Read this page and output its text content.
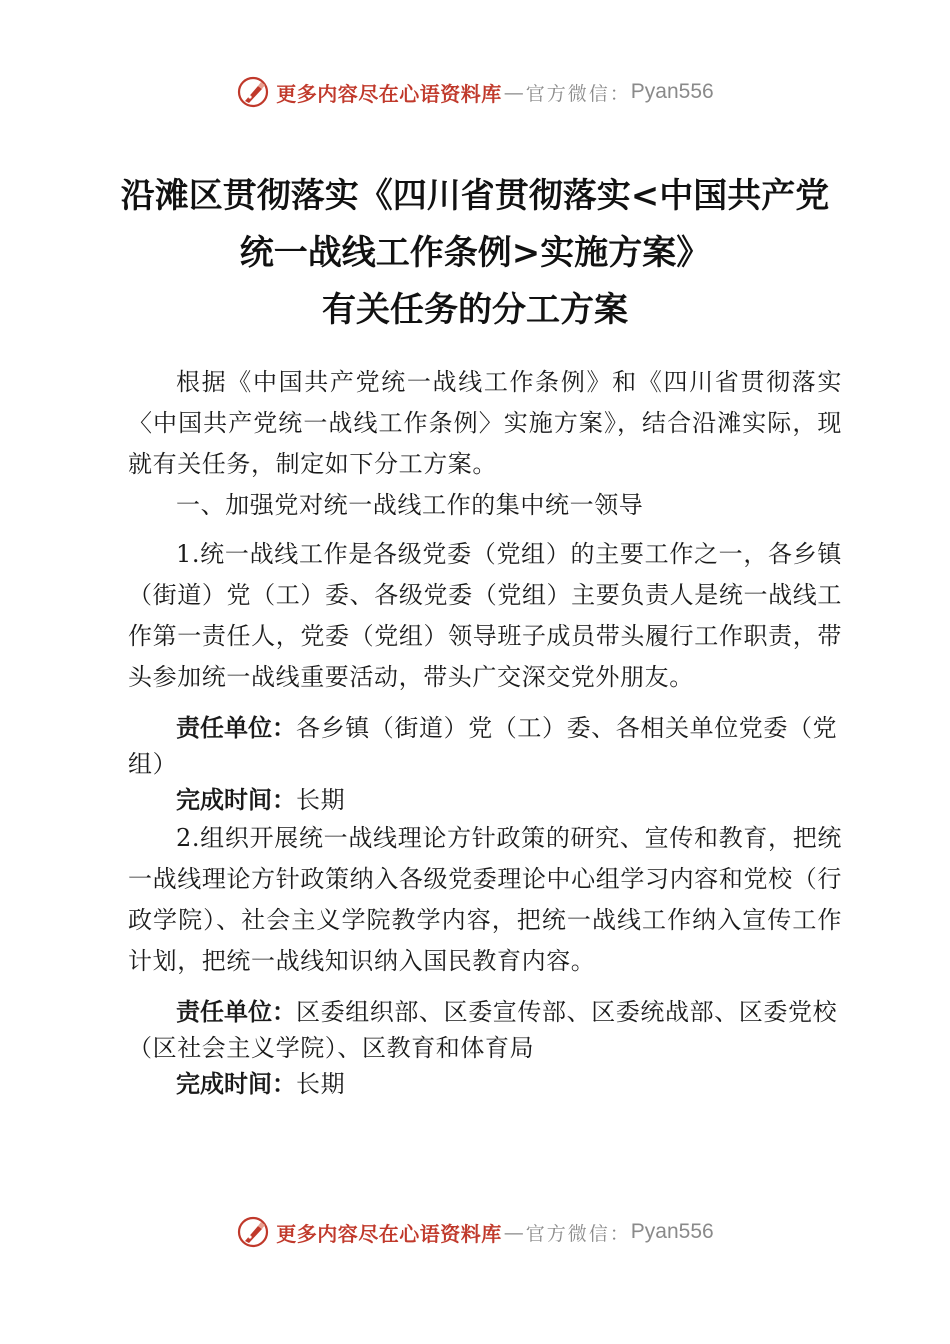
更多内容尽在心语资料库 — 官方微信： Pyan556
沿滩区贯彻落实《四川省贯彻落实<中国共产党
统一战线工作条例>实施方案》
有关任务的分工方案

根据《中国共产党统一战线工作条例》和《四川省贯彻落实〈中国共产党统一战线工作条例〉实施方案》，结合沿滩实际，现就有关任务，制定如下分工方案。

一、加强党对统一战线工作的集中统一领导

1.统一战线工作是各级党委（党组）的主要工作之一，各乡镇（街道）党（工）委、各级党委（党组）主要负责人是统一战线工作第一责任人，党委（党组）领导班子成员带头履行工作职责，带头参加统一战线重要活动，带头广交深交党外朋友。

责任单位：各乡镇（街道）党（工）委、各相关单位党委（党组）

完成时间：长期

2.组织开展统一战线理论方针政策的研究、宣传和教育，把统一战线理论方针政策纳入各级党委理论中心组学习内容和党校（行政学院）、社会主义学院教学内容，把统一战线工作纳入宣传工作计划，把统一战线知识纳入国民教育内容。

责任单位：区委组织部、区委宣传部、区委统战部、区委党校（区社会主义学院）、区教育和体育局

完成时间：长期

更多内容尽在心语资料库 — 官方微信： Pyan556
